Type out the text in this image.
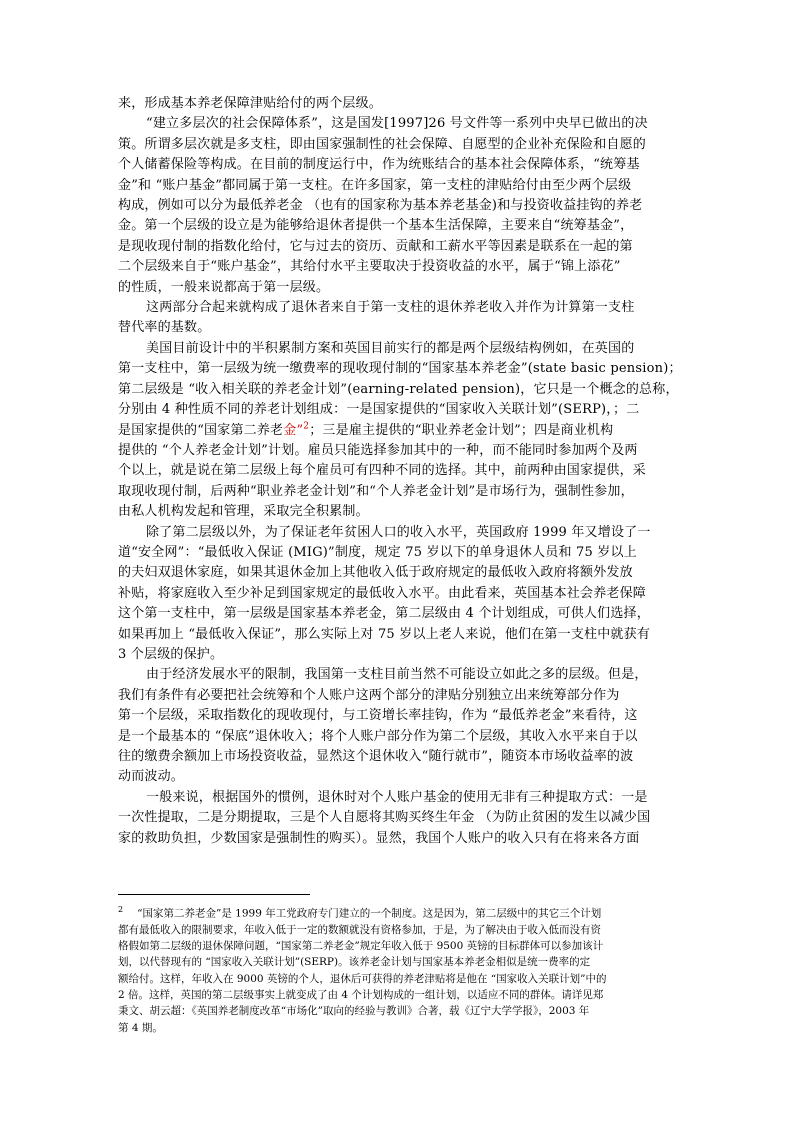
来，形成基本养老保障津贴给付的两个层级。

“建立多层次的社会保障体系”，这是国发[1997]26 号文件等一系列中央早已做出的决
策。所谓多层次就是多支柱，即由国家强制性的社会保障、自愿型的企业补充保险和自愿的
个人储蓄保险等构成。在目前的制度运行中，作为统账结合的基本社会保障体系，“统筹基
金”和 “账户基金”都同属于第一支柱。在许多国家，第一支柱的津贴给付由至少两个层级
构成，例如可以分为最低养老金 （也有的国家称为基本养老基金)和与投资收益挂钩的养老
金。第一个层级的设立是为能够给退休者提供一个基本生活保障，主要来自“统筹基金”，
是现收现付制的指数化给付，它与过去的资历、贡献和工薪水平等因素是联系在一起的第
二个层级来自于“账户基金”，其给付水平主要取决于投资收益的水平，属于“锦上添花”
的性质，一般来说都高于第一层级。

这两部分合起来就构成了退休者来自于第一支柱的退休养老收入并作为计算第一支柱
替代率的基数。

美国目前设计中的半积累制方案和英国目前实行的都是两个层级结构例如，在英国的
第一支柱中，第一层级为统一缴费率的现收现付制的“国家基本养老金”(state basic pension)；
第二层级是 “收入相关联的养老金计划”(earning-related pension)，它只是一个概念的总称，
分别由 4 种性质不同的养老计划组成：一是国家提供的“国家收入关联计划”(SERP)，；二
是国家提供的“国家第二养老金”$^2$；三是雇主提供的“职业养老金计划”；四是商业机构
提供的 “个人养老金计划”计划。雇员只能选择参加其中的一种，而不能同时参加两个及两
个以上，就是说在第二层级上每个雇员可有四种不同的选择。其中，前两种由国家提供，采
取现收现付制，后两种“职业养老金计划”和“个人养老金计划”是市场行为，强制性参加，
由私人机构发起和管理，采取完全积累制。

除了第二层级以外，为了保证老年贫困人口的收入水平，英国政府 1999 年又增设了一
道“安全网”：“最低收入保证 (MIG)”制度，规定 75 岁以下的单身退休人员和 75 岁以上
的夫妇双退休家庭，如果其退休金加上其他收入低于政府规定的最低收入政府将额外发放
补贴，将家庭收入至少补足到国家规定的最低收入水平。由此看来，英国基本社会养老保障
这个第一支柱中，第一层级是国家基本养老金，第二层级由 4 个计划组成，可供人们选择，
如果再加上 “最低收入保证”，那么实际上对 75 岁以上老人来说，他们在第一支柱中就获有
3 个层级的保护。

由于经济发展水平的限制，我国第一支柱目前当然不可能设立如此之多的层级。但是，
我们有条件有必要把社会统筹和个人账户这两个部分的津贴分别独立出来统筹部分作为
第一个层级，采取指数化的现收现付，与工资增长率挂钩，作为 “最低养老金”来看待，这
是一个最基本的 “保底”退休收入；将个人账户部分作为第二个层级，其收入水平来自于以
往的缴费余额加上市场投资收益，显然这个退休收入“随行就市”，随资本市场收益率的波
动而波动。

一般来说，根据国外的惯例，退休时对个人账户基金的使用无非有三种提取方式：一是
一次性提取，二是分期提取，三是个人自愿将其购买终生年金 （为防止贫困的发生以减少国
家的救助负担，少数国家是强制性的购买）。显然，我国个人账户的收入只有在将来各方面

$^2$ “国家第二养老金”是 1999 年工党政府专门建立的一个制度。这是因为，第二层级中的其它三个计划
都有最低收入的限制要求，年收入低于一定的数额就没有资格参加，于是，为了解决由于收入低而没有资
格假如第二层级的退休保障问题，“国家第二养老金”规定年收入低于 9500 英镑的目标群体可以参加该计
划，以代替现有的 “国家收入关联计划”(SERP)。该养老金计划与国家基本养老金相似是统一费率的定
额给付。这样，年收入在 9000 英镑的个人，退休后可获得的养老津贴将是他在 “国家收入关联计划”中的
2 倍。这样，英国的第二层级事实上就变成了由 4 个计划构成的一组计划，以适应不同的群体。请详见郑
秉文、胡云超：《英国养老制度改革“市场化”取向的经验与教训》合著，载《辽宁大学学报》，2003 年
第 4 期。
